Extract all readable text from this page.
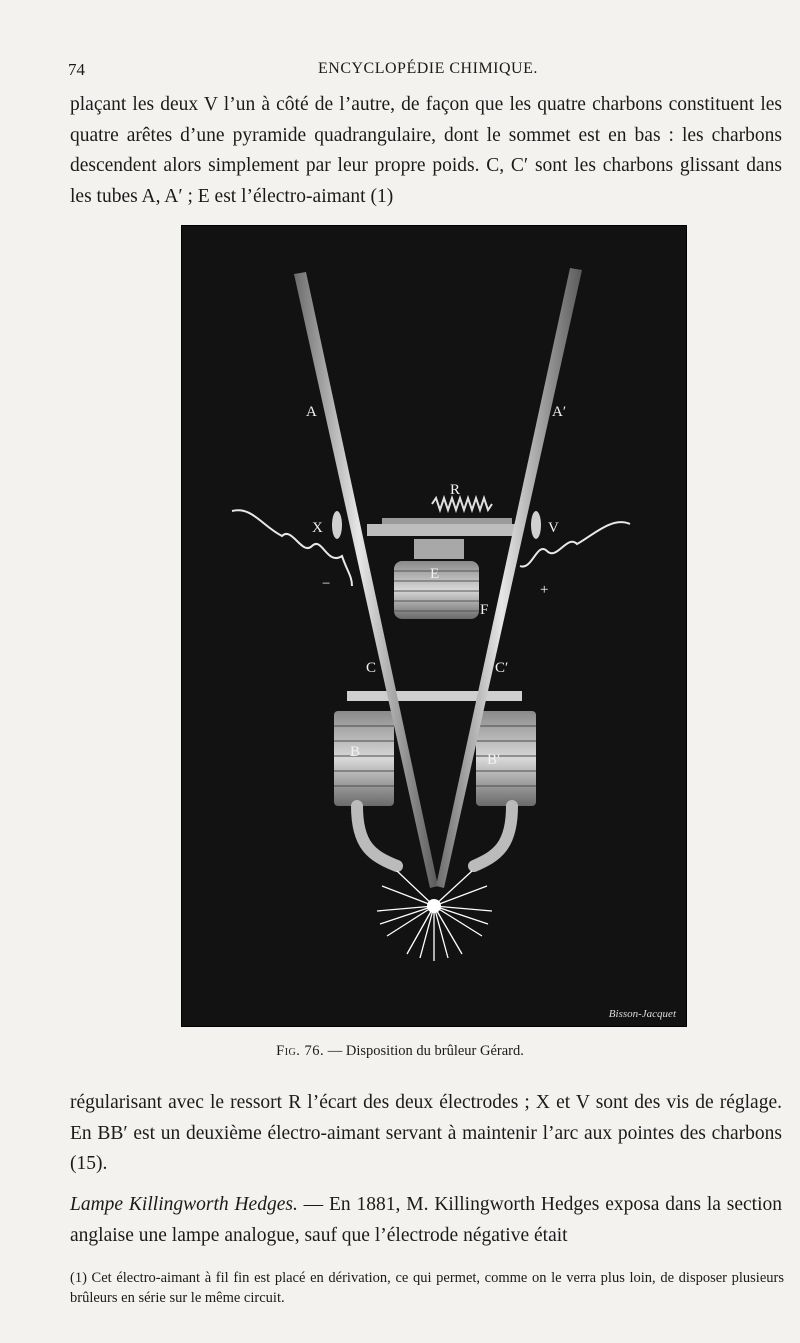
74	ENCYCLOPÉDIE CHIMIQUE.

plaçant les deux V l’un à côté de l’autre, de façon que les quatre charbons constituent les quatre arêtes d’une pyramide quadrangulaire, dont le sommet est en bas : les charbons descendent alors simplement par leur propre poids. C, C′ sont les charbons glissant dans les tubes A, A′ ; E est l’électro-aimant (1)

A	A′
R
X	V
E
F
−	+
C	C′
B	B′
Bisson-Jacquet
Fig. 76. — Disposition du brûleur Gérard.

régularisant avec le ressort R l’écart des deux électrodes ; X et V sont des vis de réglage. En BB′ est un deuxième électro-aimant servant à maintenir l’arc aux pointes des charbons (15).

Lampe Killingworth Hedges. — En 1881, M. Killingworth Hedges exposa dans la section anglaise une lampe analogue, sauf que l’électrode négative était

(1) Cet électro-aimant à fil fin est placé en dérivation, ce qui permet, comme on le verra plus loin, de disposer plusieurs brûleurs en série sur le même circuit.
